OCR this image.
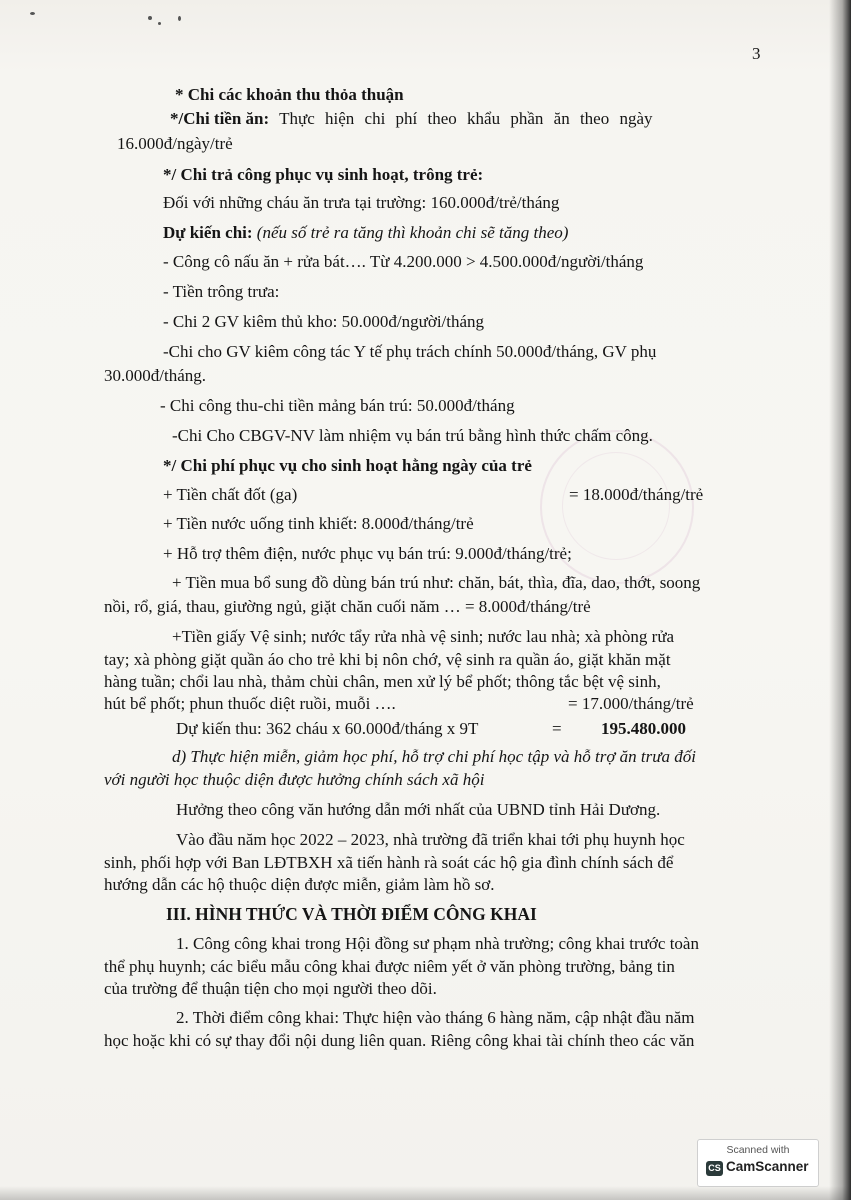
3
* Chi các khoản thu thỏa thuận
*/Chi tiền ăn: Thực hiện chi phí theo khẩu phần ăn theo ngày
16.000đ/ngày/trẻ
*/ Chi trả công phục vụ sinh hoạt, trông trẻ:
Đối với những cháu ăn trưa tại trường: 160.000đ/trẻ/tháng
Dự kiến chi: (nếu số trẻ ra tăng thì khoản chi sẽ tăng theo)
- Công cô nấu ăn + rửa bát…. Từ 4.200.000 > 4.500.000đ/người/tháng
- Tiền trông trưa:
- Chi 2 GV kiêm thủ kho: 50.000đ/người/tháng
-Chi cho GV kiêm công tác Y tế phụ trách chính 50.000đ/tháng, GV phụ
30.000đ/tháng.
- Chi công thu-chi tiền mảng bán trú: 50.000đ/tháng
-Chi Cho CBGV-NV làm nhiệm vụ bán trú bằng hình thức chấm công.
*/ Chi phí phục vụ cho sinh hoạt hằng ngày của trẻ
+ Tiền chất đốt (ga)	= 18.000đ/tháng/trẻ
+ Tiền nước uống tinh khiết: 8.000đ/tháng/trẻ
+ Hỗ trợ thêm điện, nước phục vụ bán trú: 9.000đ/tháng/trẻ;
+ Tiền mua bổ sung đồ dùng bán trú như: chăn, bát, thìa, đĩa, dao, thớt, soong
nồi, rổ, giá, thau, giường ngủ, giặt chăn cuối năm … = 8.000đ/tháng/trẻ
+Tiền giấy Vệ sinh; nước tẩy rửa nhà vệ sinh; nước lau nhà; xà phòng rửa
tay; xà phòng giặt quần áo cho trẻ khi bị nôn chớ, vệ sinh ra quần áo, giặt khăn mặt
hàng tuần; chổi lau nhà, thảm chùi chân, men xử lý bể phốt; thông tắc bệt vệ sinh,
hút bể phốt; phun thuốc diệt ruồi, muỗi ….	= 17.000/tháng/trẻ
Dự kiến thu: 362 cháu x 60.000đ/tháng x 9T	= 195.480.000
d) Thực hiện miễn, giảm học phí, hỗ trợ chi phí học tập và hỗ trợ ăn trưa đối
với người học thuộc diện được hưởng chính sách xã hội
Hưởng theo công văn hướng dẫn mới nhất của UBND tỉnh Hải Dương.
Vào đầu năm học 2022 – 2023, nhà trường đã triển khai tới phụ huynh học
sinh, phối hợp với Ban LĐTBXH xã tiến hành rà soát các hộ gia đình chính sách để
hướng dẫn các hộ thuộc diện được miễn, giảm làm hồ sơ.
III. HÌNH THỨC VÀ THỜI ĐIỂM CÔNG KHAI
1. Công công khai trong Hội đồng sư phạm nhà trường; công khai trước toàn
thể phụ huynh; các biểu mẫu công khai được niêm yết ở văn phòng trường, bảng tin
của trường để thuận tiện cho mọi người theo dõi.
2. Thời điểm công khai: Thực hiện vào tháng 6 hàng năm, cập nhật đầu năm
học hoặc khi có sự thay đổi nội dung liên quan. Riêng công khai tài chính theo các văn
Scanned with
CS CamScanner
